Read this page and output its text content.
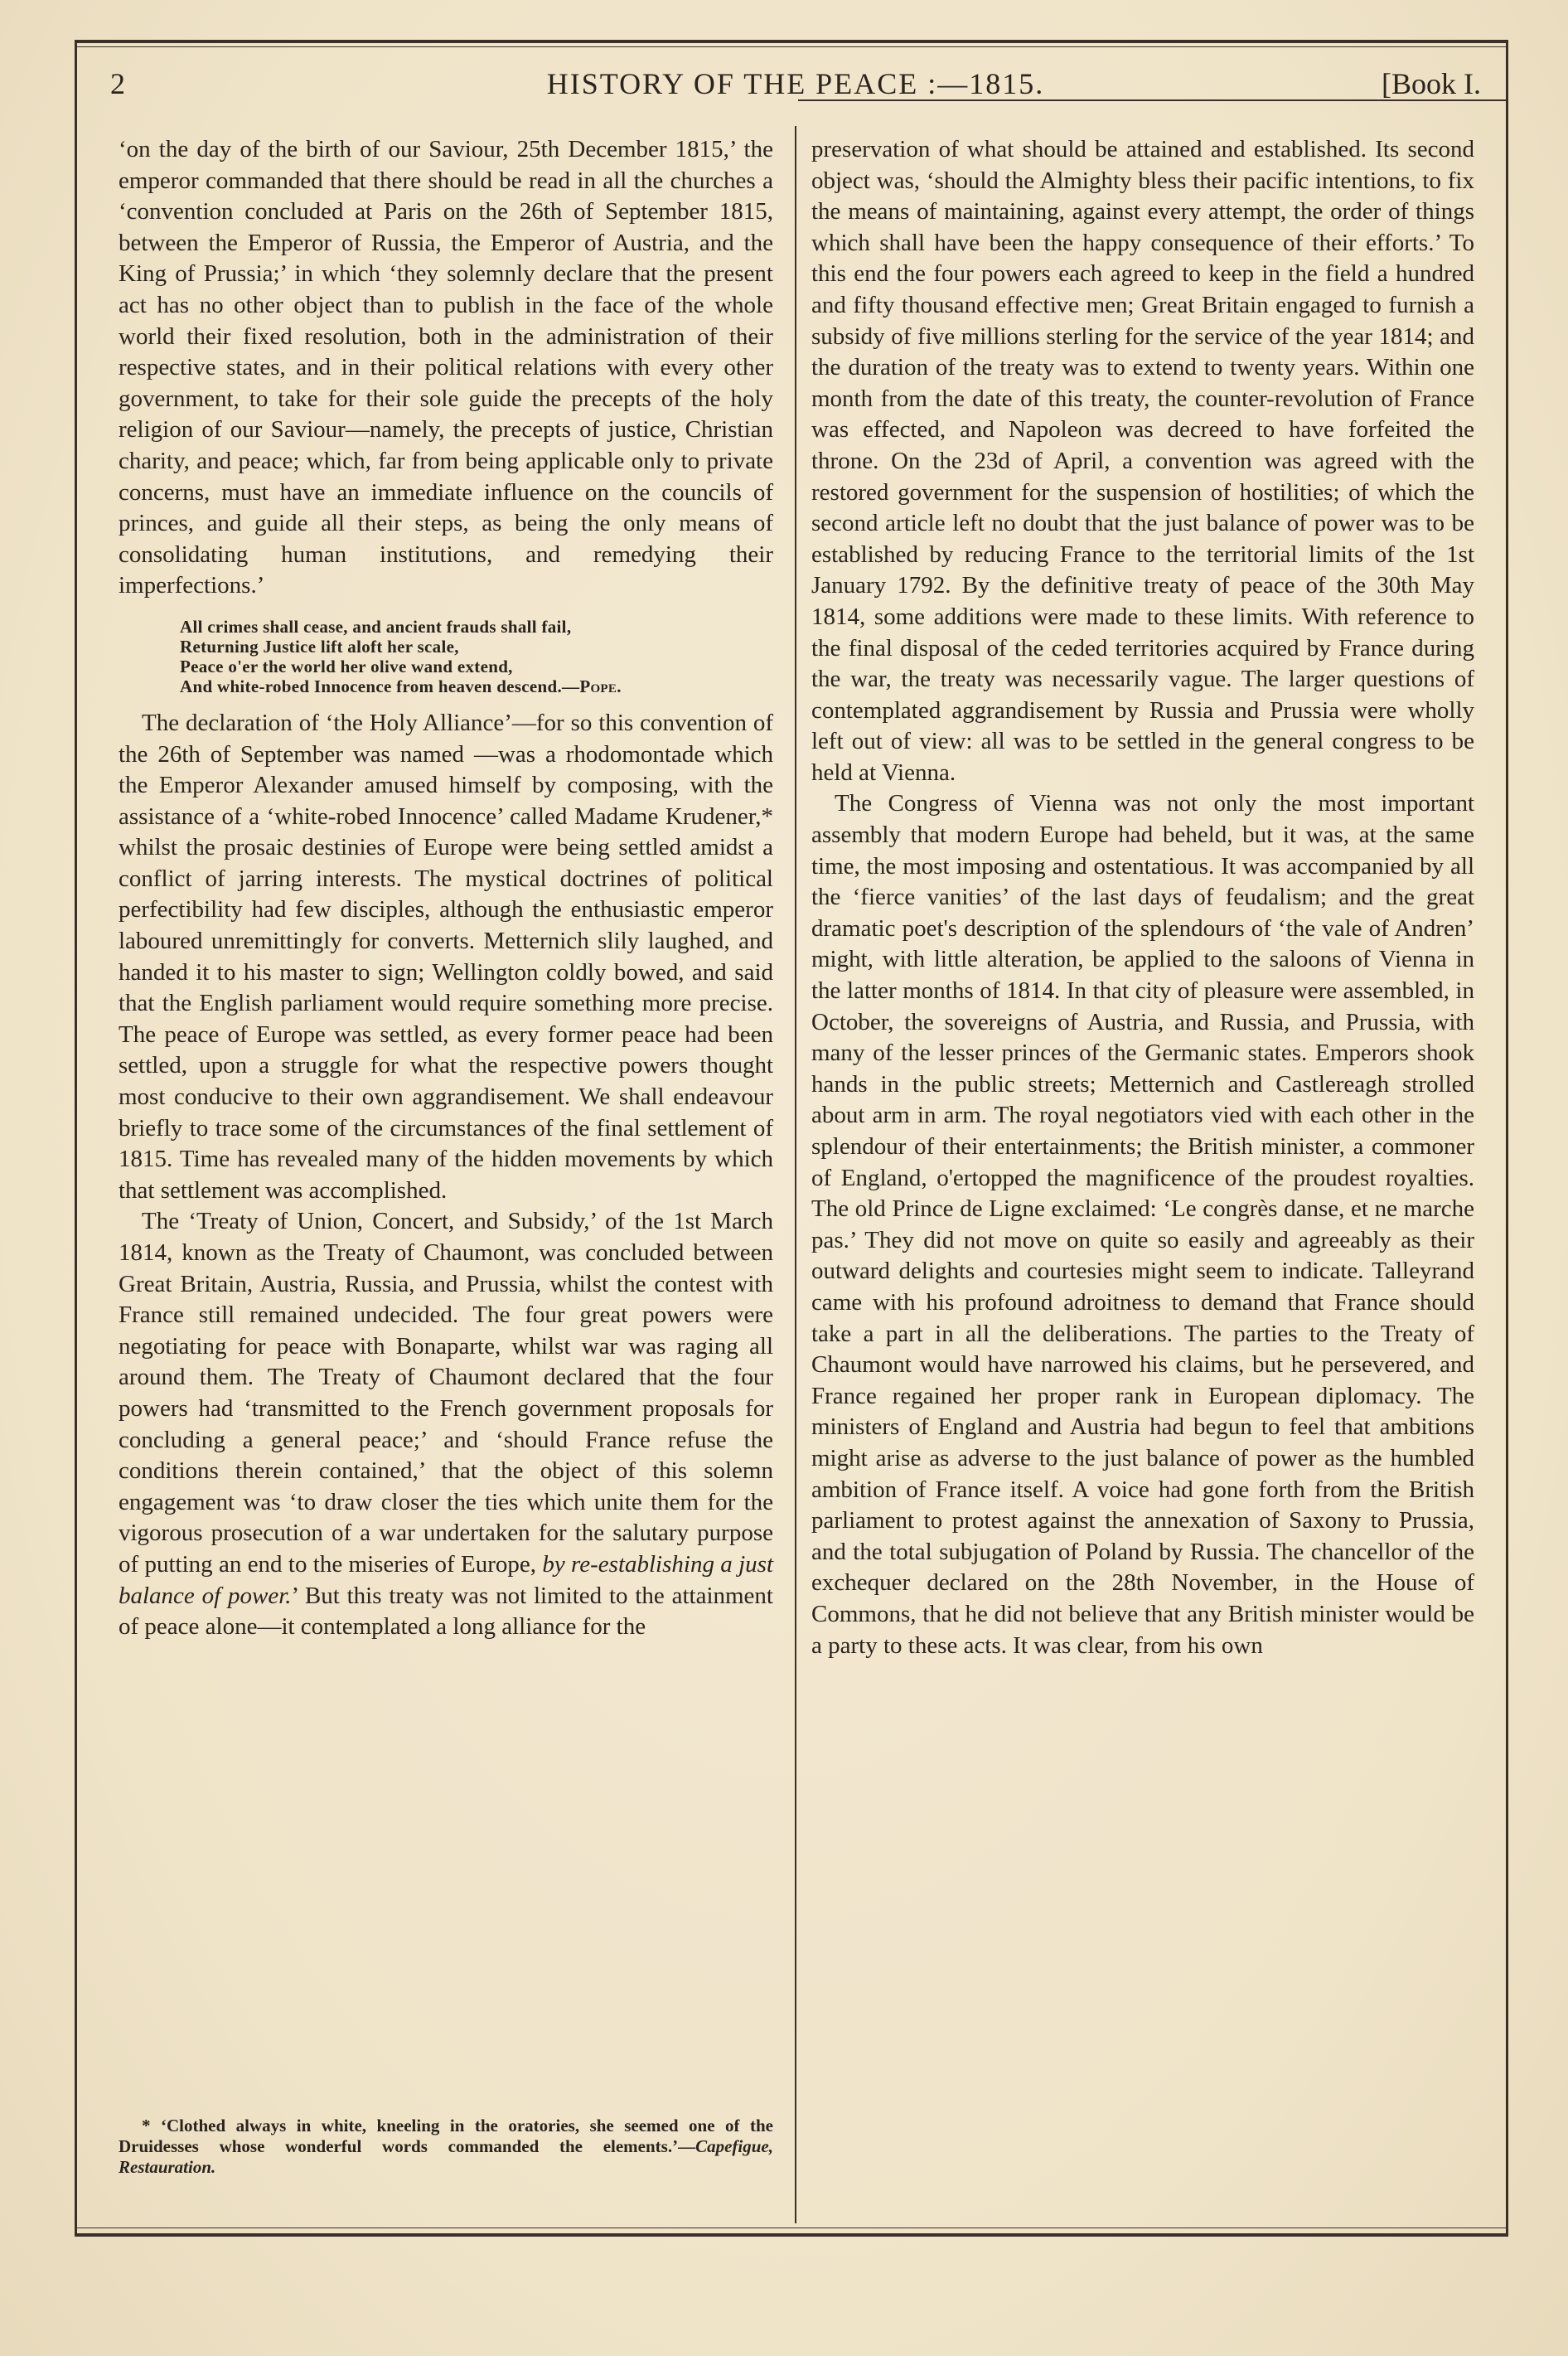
2	HISTORY OF THE PEACE :—1815.	[Book I.

‘on the day of the birth of our Saviour, 25th December 1815,’ the emperor commanded that there should be read in all the churches a ‘convention concluded at Paris on the 26th of September 1815, between the Emperor of Russia, the Emperor of Austria, and the King of Prussia;’ in which ‘they solemnly declare that the present act has no other object than to publish in the face of the whole world their fixed resolution, both in the administration of their respective states, and in their political relations with every other government, to take for their sole guide the precepts of the holy religion of our Saviour—namely, the precepts of justice, Christian charity, and peace; which, far from being applicable only to private concerns, must have an immediate influence on the councils of princes, and guide all their steps, as being the only means of consolidating human institutions, and remedying their imperfections.’

All crimes shall cease, and ancient frauds shall fail,
Returning Justice lift aloft her scale,
Peace o'er the world her olive wand extend,
And white-robed Innocence from heaven descend.—Pope.

The declaration of ‘the Holy Alliance’—for so this convention of the 26th of September was named —was a rhodomontade which the Emperor Alexander amused himself by composing, with the assistance of a ‘white-robed Innocence’ called Madame Krudener,* whilst the prosaic destinies of Europe were being settled amidst a conflict of jarring interests. The mystical doctrines of political perfectibility had few disciples, although the enthusiastic emperor laboured unremittingly for converts. Metternich slily laughed, and handed it to his master to sign; Wellington coldly bowed, and said that the English parliament would require something more precise. The peace of Europe was settled, as every former peace had been settled, upon a struggle for what the respective powers thought most conducive to their own aggrandisement. We shall endeavour briefly to trace some of the circumstances of the final settlement of 1815. Time has revealed many of the hidden movements by which that settlement was accomplished.

The ‘Treaty of Union, Concert, and Subsidy,’ of the 1st March 1814, known as the Treaty of Chaumont, was concluded between Great Britain, Austria, Russia, and Prussia, whilst the contest with France still remained undecided. The four great powers were negotiating for peace with Bonaparte, whilst war was raging all around them. The Treaty of Chaumont declared that the four powers had ‘transmitted to the French government proposals for concluding a general peace;’ and ‘should France refuse the conditions therein contained,’ that the object of this solemn engagement was ‘to draw closer the ties which unite them for the vigorous prosecution of a war undertaken for the salutary purpose of putting an end to the miseries of Europe, by re-establishing a just balance of power.’ But this treaty was not limited to the attainment of peace alone—it contemplated a long alliance for the

* ‘Clothed always in white, kneeling in the oratories, she seemed one of the Druidesses whose wonderful words commanded the elements.’—Capefigue, Restauration.

preservation of what should be attained and established. Its second object was, ‘should the Almighty bless their pacific intentions, to fix the means of maintaining, against every attempt, the order of things which shall have been the happy consequence of their efforts.’ To this end the four powers each agreed to keep in the field a hundred and fifty thousand effective men; Great Britain engaged to furnish a subsidy of five millions sterling for the service of the year 1814; and the duration of the treaty was to extend to twenty years. Within one month from the date of this treaty, the counter-revolution of France was effected, and Napoleon was decreed to have forfeited the throne. On the 23d of April, a convention was agreed with the restored government for the suspension of hostilities; of which the second article left no doubt that the just balance of power was to be established by reducing France to the territorial limits of the 1st January 1792. By the definitive treaty of peace of the 30th May 1814, some additions were made to these limits. With reference to the final disposal of the ceded territories acquired by France during the war, the treaty was necessarily vague. The larger questions of contemplated aggrandisement by Russia and Prussia were wholly left out of view: all was to be settled in the general congress to be held at Vienna.

The Congress of Vienna was not only the most important assembly that modern Europe had beheld, but it was, at the same time, the most imposing and ostentatious. It was accompanied by all the ‘fierce vanities’ of the last days of feudalism; and the great dramatic poet's description of the splendours of ‘the vale of Andren’ might, with little alteration, be applied to the saloons of Vienna in the latter months of 1814. In that city of pleasure were assembled, in October, the sovereigns of Austria, and Russia, and Prussia, with many of the lesser princes of the Germanic states. Emperors shook hands in the public streets; Metternich and Castlereagh strolled about arm in arm. The royal negotiators vied with each other in the splendour of their entertainments; the British minister, a commoner of England, o'ertopped the magnificence of the proudest royalties. The old Prince de Ligne exclaimed: ‘Le congrès danse, et ne marche pas.’ They did not move on quite so easily and agreeably as their outward delights and courtesies might seem to indicate. Talleyrand came with his profound adroitness to demand that France should take a part in all the deliberations. The parties to the Treaty of Chaumont would have narrowed his claims, but he persevered, and France regained her proper rank in European diplomacy. The ministers of England and Austria had begun to feel that ambitions might arise as adverse to the just balance of power as the humbled ambition of France itself. A voice had gone forth from the British parliament to protest against the annexation of Saxony to Prussia, and the total subjugation of Poland by Russia. The chancellor of the exchequer declared on the 28th November, in the House of Commons, that he did not believe that any British minister would be a party to these acts. It was clear, from his own
